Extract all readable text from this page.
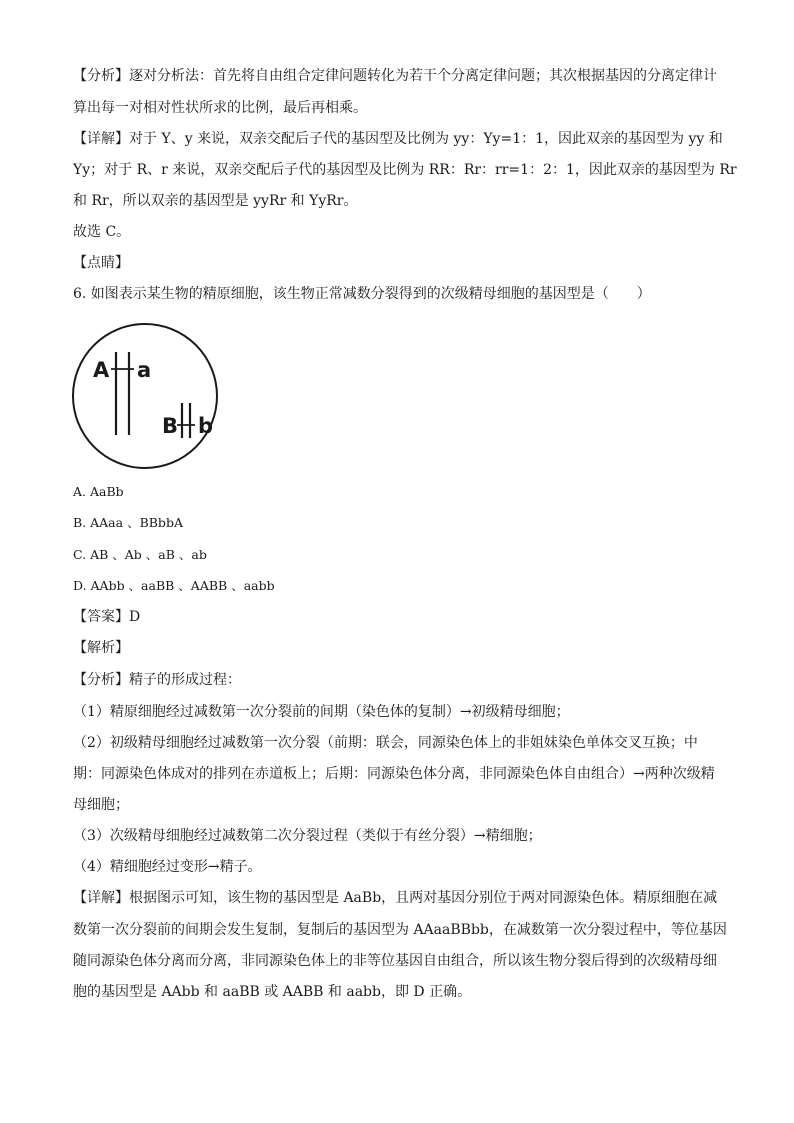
【分析】逐对分析法：首先将自由组合定律问题转化为若干个分离定律问题；其次根据基因的分离定律计
算出每一对相对性状所求的比例，最后再相乘。
【详解】对于 Y、y 来说，双亲交配后子代的基因型及比例为 yy：Yy=1：1，因此双亲的基因型为 yy 和
Yy；对于 R、r 来说，双亲交配后子代的基因型及比例为 RR：Rr：rr=1：2：1，因此双亲的基因型为 Rr
和 Rr，所以双亲的基因型是 yyRr 和 YyRr。
故选 C。
【点睛】
6. 如图表示某生物的精原细胞，该生物正常减数分裂得到的次级精母细胞的基因型是（　　）
A a
B b
A. AaBb
B. AAaa 、BBbbA
C. AB 、Ab 、aB 、ab
D. AAbb 、aaBB 、AABB 、aabb
【答案】D
【解析】
【分析】精子的形成过程：
（1）精原细胞经过减数第一次分裂前的间期（染色体的复制）→初级精母细胞；
（2）初级精母细胞经过减数第一次分裂（前期：联会，同源染色体上的非姐妹染色单体交叉互换；中
期：同源染色体成对的排列在赤道板上；后期：同源染色体分离，非同源染色体自由组合）→两种次级精
母细胞；
（3）次级精母细胞经过减数第二次分裂过程（类似于有丝分裂）→精细胞；
（4）精细胞经过变形→精子。
【详解】根据图示可知，该生物的基因型是 AaBb，且两对基因分别位于两对同源染色体。精原细胞在减
数第一次分裂前的间期会发生复制，复制后的基因型为 AAaaBBbb，在减数第一次分裂过程中，等位基因
随同源染色体分离而分离，非同源染色体上的非等位基因自由组合，所以该生物分裂后得到的次级精母细
胞的基因型是 AAbb 和 aaBB 或 AABB 和 aabb，即 D 正确。
